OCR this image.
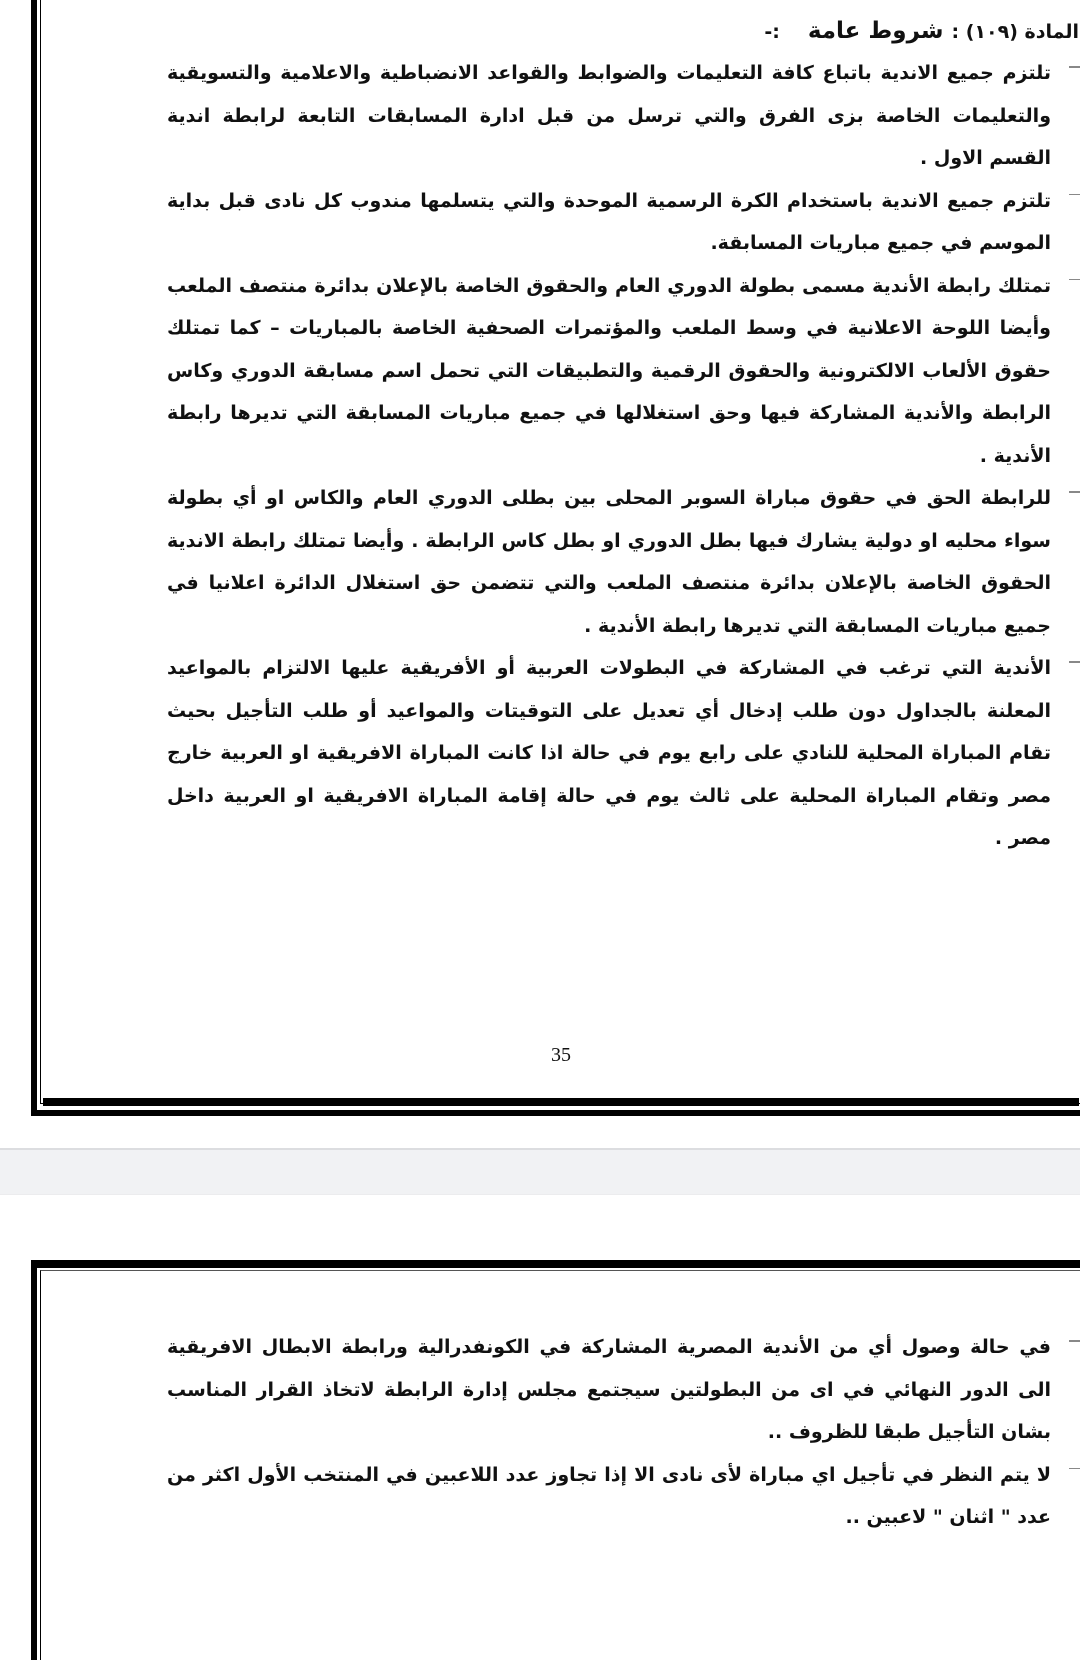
المادة (١٠٩) :
شروط عامة
:-

تلتزم جميع الاندية باتباع كافة التعليمات والضوابط والقواعد الانضباطية والاعلامية والتسويقية والتعليمات الخاصة بزى الفرق والتي ترسل من قبل ادارة المسابقات التابعة لرابطة اندية القسم الاول .

تلتزم جميع الاندية باستخدام الكرة الرسمية الموحدة والتي يتسلمها مندوب كل نادى قبل بداية الموسم في جميع مباريات المسابقة.

تمتلك رابطة الأندية مسمى بطولة الدوري العام والحقوق الخاصة بالإعلان بدائرة منتصف الملعب وأيضا اللوحة الاعلانية في وسط الملعب والمؤتمرات الصحفية الخاصة بالمباريات – كما تمتلك حقوق الألعاب الالكترونية والحقوق الرقمية والتطبيقات التي تحمل اسم مسابقة الدوري وكاس الرابطة والأندية المشاركة فيها وحق استغلالها في جميع مباريات المسابقة التي تديرها رابطة الأندية .

للرابطة الحق في حقوق مباراة السوبر المحلى بين بطلى الدوري العام والكاس او أي بطولة سواء محليه او دولية يشارك فيها بطل الدوري او بطل كاس الرابطة . وأيضا تمتلك رابطة الاندية الحقوق الخاصة بالإعلان بدائرة منتصف الملعب والتي تتضمن حق استغلال الدائرة اعلانيا في جميع مباريات المسابقة التي تديرها رابطة الأندية .

الأندية التي ترغب في المشاركة في البطولات العربية أو الأفريقية عليها الالتزام بالمواعيد المعلنة بالجداول دون طلب إدخال أي تعديل على التوقيتات والمواعيد أو طلب التأجيل بحيث تقام المباراة المحلية للنادي على رابع يوم في حالة اذا كانت المباراة الافريقية او العربية خارج مصر وتقام المباراة المحلية على ثالث يوم في حالة إقامة المباراة الافريقية او العربية داخل مصر .

35

في حالة وصول أي من الأندية المصرية المشاركة في الكونفدرالية ورابطة الابطال الافريقية الى الدور النهائي في اى من البطولتين سيجتمع مجلس إدارة الرابطة لاتخاذ القرار المناسب بشان التأجيل طبقا للظروف ..

لا يتم النظر في تأجيل اي مباراة لأى نادى الا إذا تجاوز عدد اللاعبين في المنتخب الأول اكثر من عدد " اثنان " لاعبين ..
